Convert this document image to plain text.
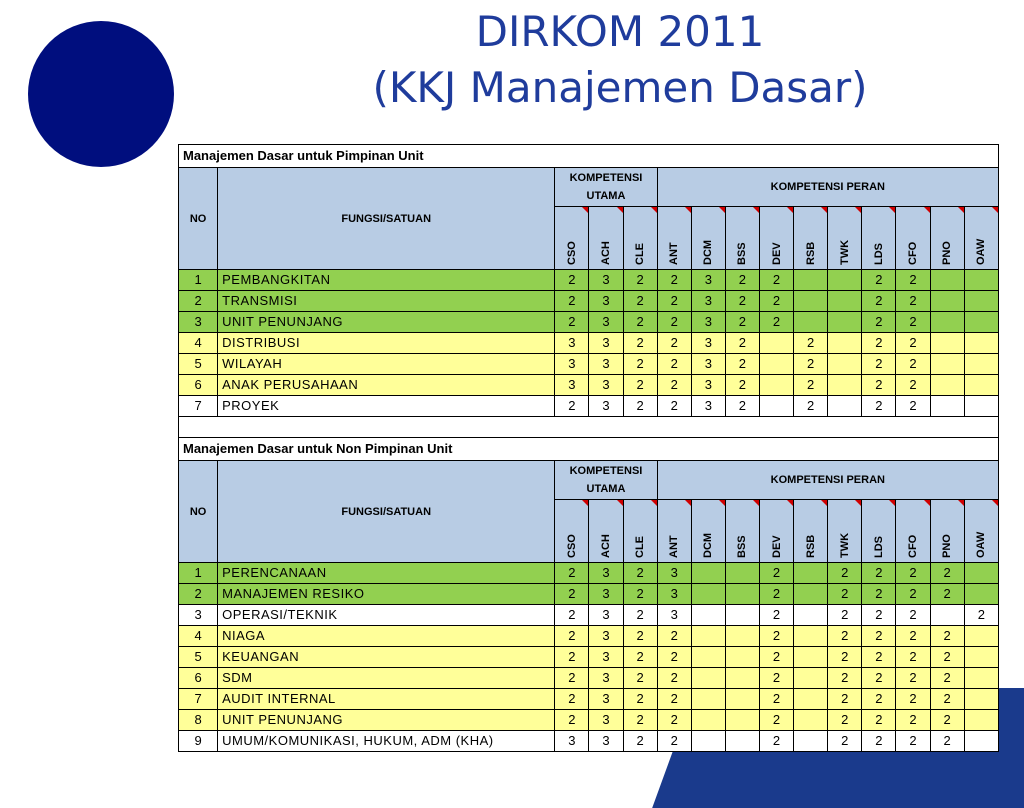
DIRKOM 2011
(KKJ Manajemen Dasar)
Manajemen Dasar untuk Pimpinan Unit														
NO	FUNGSI/SATUAN	KOMPETENSI UTAMA			KOMPETENSI PERAN									

		CSO	ACH	CLE	ANT	DCM	BSS	DEV	RSB	TWK	LDS	CFO	PNO	OAW

1	PEMBANGKITAN	2	3	2	2	3	2	2			2	2		
2	TRANSMISI	2	3	2	2	3	2	2			2	2		
3	UNIT PENUNJANG	2	3	2	2	3	2	2			2	2		
4	DISTRIBUSI	3	3	2	2	3	2		2		2	2		
5	WILAYAH	3	3	2	2	3	2		2		2	2		
6	ANAK PERUSAHAAN	3	3	2	2	3	2		2		2	2		
7	PROYEK	2	3	2	2	3	2		2		2	2		

Manajemen Dasar untuk Non Pimpinan Unit														
NO	FUNGSI/SATUAN	KOMPETENSI UTAMA			KOMPETENSI PERAN									

		CSO	ACH	CLE	ANT	DCM	BSS	DEV	RSB	TWK	LDS	CFO	PNO	OAW

1	PERENCANAAN	2	3	2	3			2		2	2	2	2	
2	MANAJEMEN RESIKO	2	3	2	3			2		2	2	2	2	
3	OPERASI/TEKNIK	2	3	2	3			2		2	2	2		2
4	NIAGA	2	3	2	2			2		2	2	2	2	
5	KEUANGAN	2	3	2	2			2		2	2	2	2	
6	SDM	2	3	2	2			2		2	2	2	2	
7	AUDIT INTERNAL	2	3	2	2			2		2	2	2	2	
8	UNIT PENUNJANG	2	3	2	2			2		2	2	2	2	
9	UMUM/KOMUNIKASI, HUKUM, ADM (KHA)	3	3	2	2			2		2	2	2	2	
